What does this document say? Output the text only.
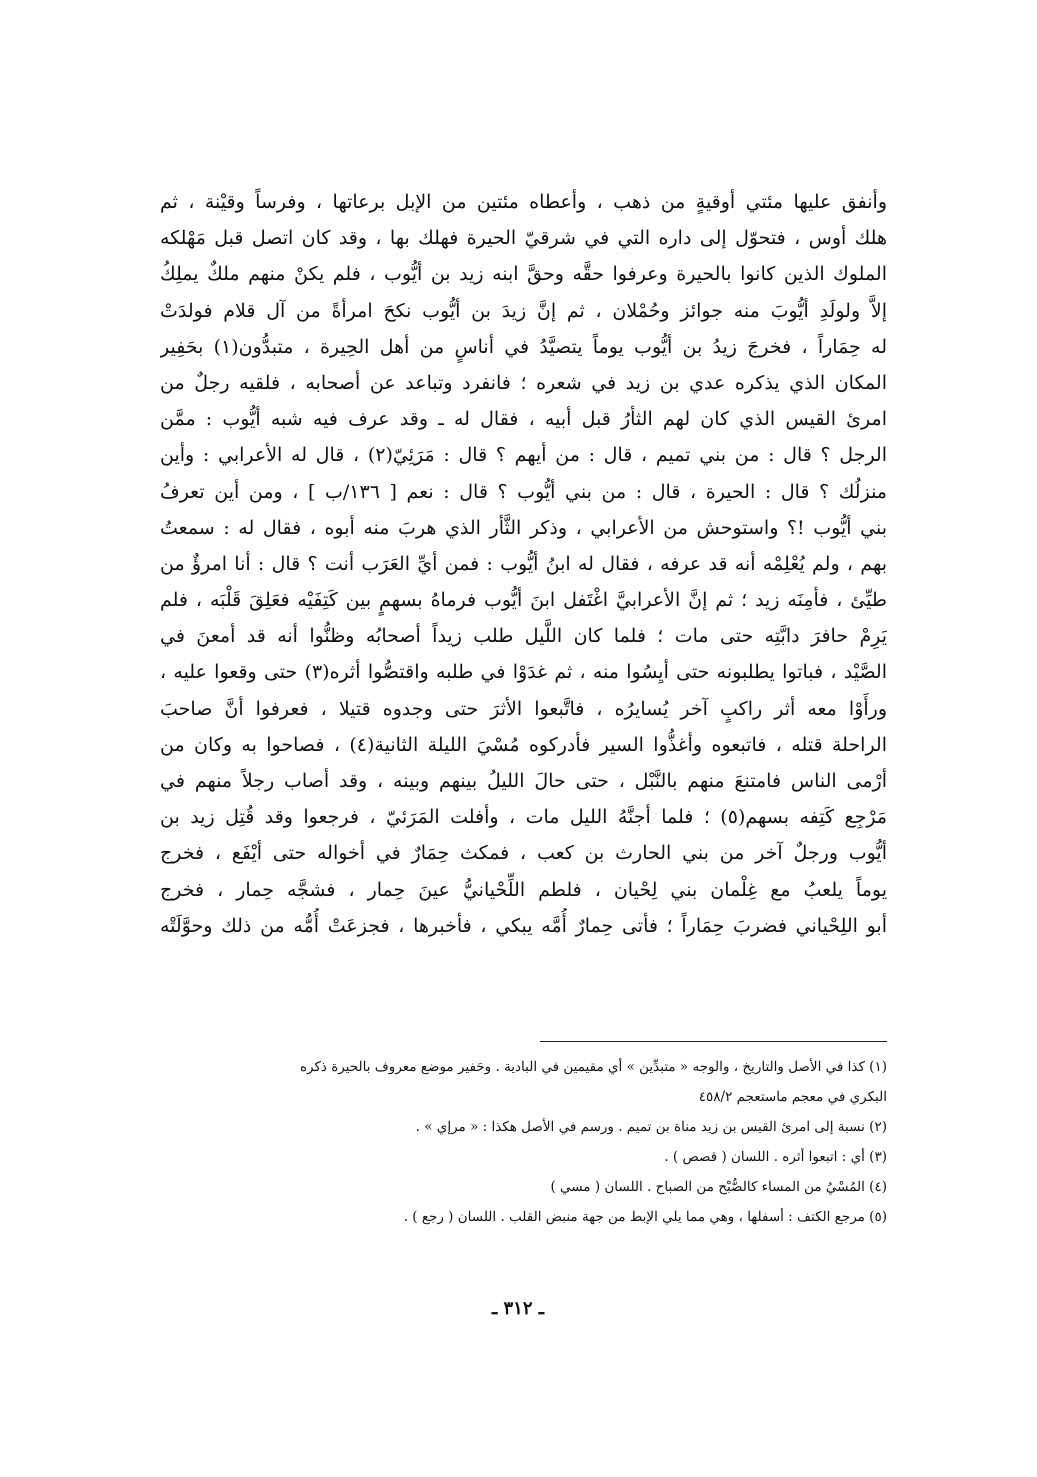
وأنفق عليها مئتي أوقيةٍ من ذهب ، وأعطاه مئتين من الإبل برعاتها ، وفرساً وقيْنة ، ثم
هلك أوس ، فتحوّل إلى داره التي في شرقيّ الحيرة فهلك بها ، وقد كان اتصل قبل مَهْلكه
الملوك الذين كانوا بالحيرة وعرفوا حقَّه وحقَّ ابنه زيد بن أيُّوب ، فلم يكنْ منهم ملكٌ يملِكُ
إلاَّ ولولَدِ أيُّوبَ منه جوائز وحُمْلان ، ثم إنَّ زيدَ بن أيُّوب نكحَ امرأةً من آل قلام فولدَتْ
له حِمَاراً ، فخرجَ زيدُ بن أيُّوب يوماً يتصيَّدُ في أناسٍ من أهل الحِيرة ، متبدُّون(١) بحَفِير
المكان الذي يذكره عدي بن زيد في شعره ؛ فانفرد وتباعد عن أصحابه ، فلقيه رجلٌ من
امرئ القيس الذي كان لهم الثأرُ قبل أبيه ، فقال له ـ وقد عرف فيه شبه أيُّوب : ممَّن
الرجل ؟ قال : من بني تميم ، قال : من أيهم ؟ قال : مَرَئِيّ(٢) ، قال له الأعرابي : وأين
منزلُك ؟ قال : الحيرة ، قال : من بني أيُّوب ؟ قال : نعم [ ١٣٦/ب ] ، ومن أين تعرفُ
بني أيُّوب !؟ واستوحش من الأعرابي ، وذكر الثَّأر الذي هربَ منه أبوه ، فقال له : سمعتُ
بهم ، ولم يُعْلِمْه أنه قد عرفه ، فقال له ابنُ أيُّوب : فمن أيِّ العَرَب أنت ؟ قال : أنا امرؤٌ من
طيِّئ ، فأمِنَه زيد ؛ ثم إنَّ الأعرابيَّ اغْتَفل ابنَ أيُّوب فرماهُ بسهمٍ بين كَتِفَيْه فعَلِقَ قَلْبَه ، فلم
يَرِمْ حافرَ دابَّتِه حتى مات ؛ فلما كان اللَّيل طلب زيداً أصحابُه وظنُّوا أنه قد أمعنَ في
الصَّيْد ، فباتوا يطلبونه حتى أيِسُوا منه ، ثم غدَوْا في طلبه واقتصُّوا أثره(٣) حتى وقعوا عليه ،
ورأَوْا معه أثر راكبٍ آخر يُسايرُه ، فاتَّبعوا الأثرَ حتى وجدوه قتيلا ، فعرفوا أنَّ صاحبَ
الراحلة قتله ، فاتبعوه وأغذُّوا السير فأدركوه مُسْيَ الليلة الثانية(٤) ، فصاحوا به وكان من
أرْمى الناس فامتنعَ منهم بالنَّبْل ، حتى حالَ الليلُ بينهم وبينه ، وقد أصاب رجلاً منهم في
مَرْجِع كَتِفه بسهم(٥) ؛ فلما أجنَّهُ الليل مات ، وأفلت المَرَئيّ ، فرجعوا وقد قُتِل زيد بن
أيُّوب ورجلٌ آخر من بني الحارث بن كعب ، فمكث حِمَارٌ في أخواله حتى أيْفَع ، فخرج
يوماً يلعبُ مع غِلْمان بني لِحْيان ، فلطم اللِّحْيانيُّ عينَ حِمار ، فشجَّه حِمار ، فخرج
أبو اللِحْياني فضربَ حِمَاراً ؛ فأتى حِمارٌ أُمَّه يبكي ، فأخبرها ، فجزعَتْ أُمُّه من ذلك وحوَّلَتْه
(١) كذا في الأصل والتاريخ ، والوجه « متبدِّين » أي مقيمين في البادية . وحَفير موضع معروف بالحيرة ذكره
البكري في معجم ماستعجم ٤٥٨/٢
(٢) نسبة إلى امرئ القيس بن زيد مناة بن تميم . ورسم في الأصل هكذا : « مرإي » .
(٣) أي : اتبعوا أثره . اللسان ( قصص ) .
(٤) المُسْيُ من المساء كالصُّبْح من الصباح . اللسان ( مسي )
(٥) مرجع الكتف : أسفلها ، وهي مما يلي الإبط من جهة منبض القلب . اللسان ( رجع ) .
ـ ٣١٢ ـ
